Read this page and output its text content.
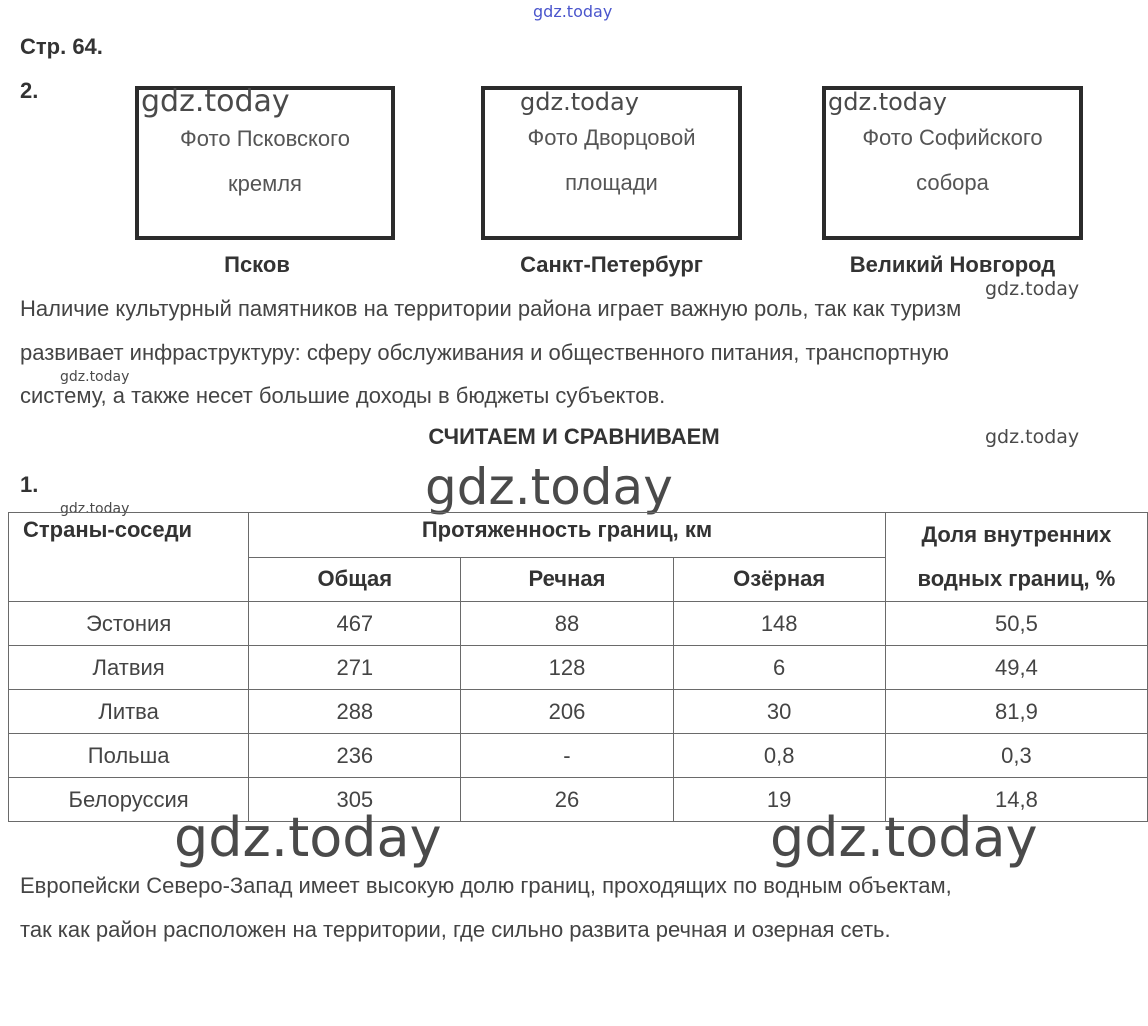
gdz.today
Стр. 64.
2.
Фото Псковского
кремля
Фото Дворцовой
площади
Фото Софийского
собора
gdz.today	gdz.today	gdz.today
Псков	Санкт-Петербург	Великий Новгород
gdz.today
Наличие культурный памятников на территории района играет важную роль, так как туризм
развивает инфраструктуру: сферу обслуживания и общественного питания, транспортную
систему, а также несет большие доходы в бюджеты субъектов.
gdz.today
СЧИТАЕМ И СРАВНИВАЕМ	gdz.today
1.	gdz.today
gdz.today
Страны-соседи	Протяженность границ, км			Доля внутренних
водных границ, %
	Общая	Речная	Озёрная	
Эстония	467	88	148	50,5
Латвия	271	128	6	49,4
Литва	288	206	30	81,9
Польша	236	-	0,8	0,3
Белоруссия	305	26	19	14,8
gdz.today	gdz.today
Европейски Северо-Запад имеет высокую долю границ, проходящих по водным объектам,
так как район расположен на территории, где сильно развита речная и озерная сеть.
